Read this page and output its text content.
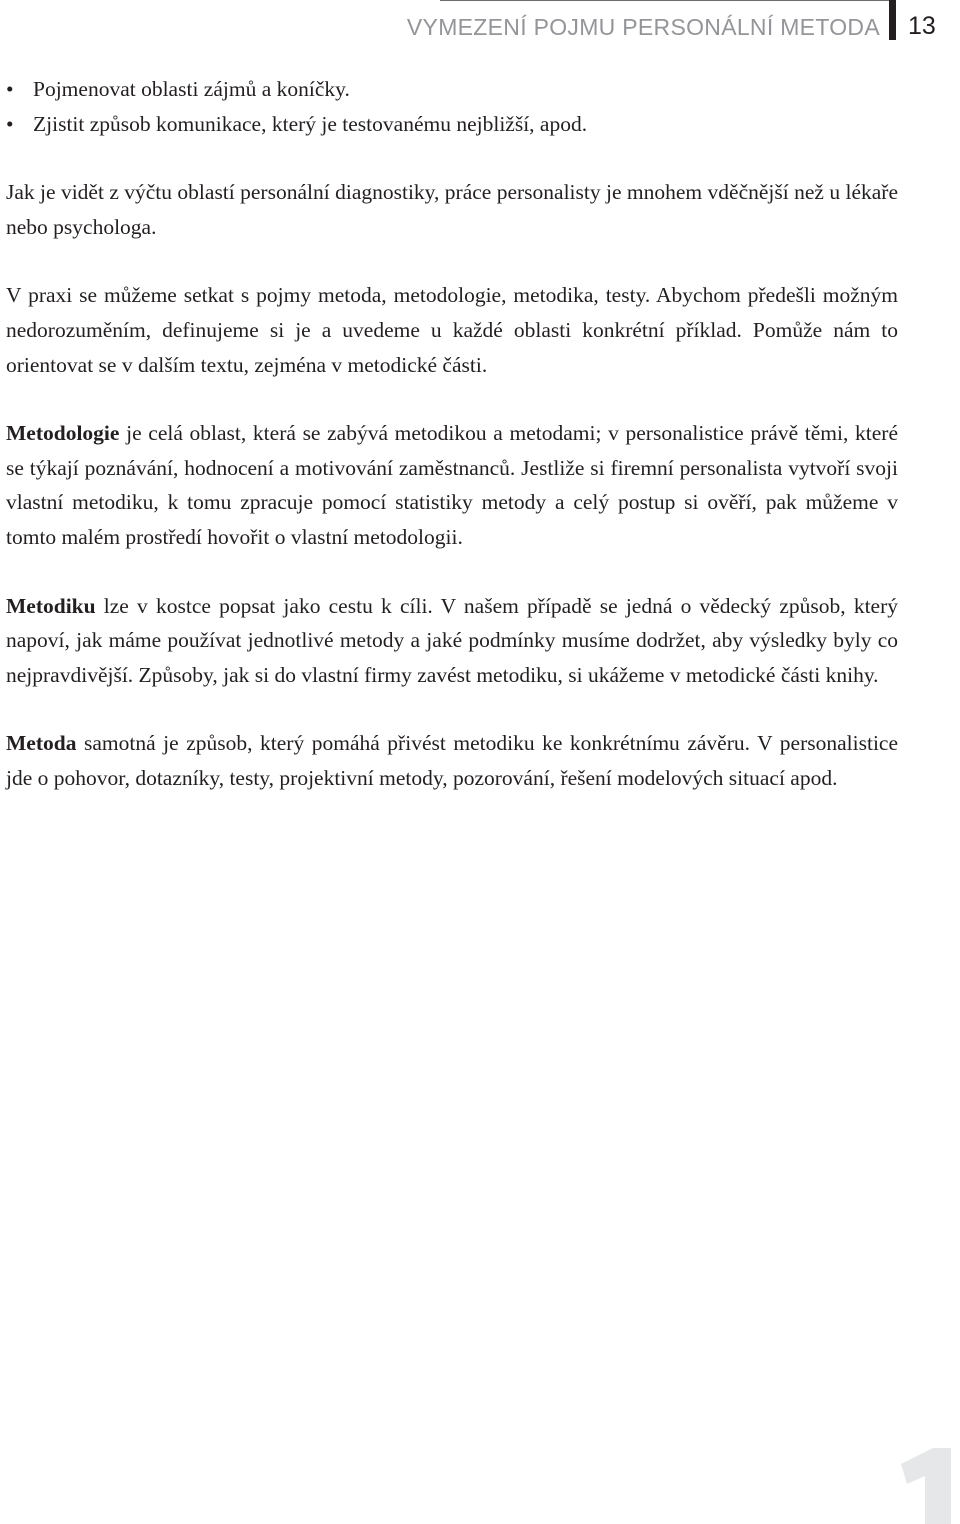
VYMEZENÍ POJMU PERSONÁLNÍ METODA 13
• Pojmenovat oblasti zájmů a koníčky.
• Zjistit způsob komunikace, který je testovanému nejbližší, apod.

Jak je vidět z výčtu oblastí personální diagnostiky, práce personalisty je mnohem vděčnější než u lékaře nebo psychologa.

V praxi se můžeme setkat s pojmy metoda, metodologie, metodika, testy. Abychom předešli možným nedorozuměním, definujeme si je a uvedeme u každé oblasti konkrétní příklad. Pomůže nám to orientovat se v dalším textu, zejména v metodické části.

Metodologie je celá oblast, která se zabývá metodikou a metodami; v personalistice právě těmi, které se týkají poznávání, hodnocení a motivování zaměstnanců. Jestliže si firemní personalista vytvoří svoji vlastní metodiku, k tomu zpracuje pomocí statistiky metody a celý postup si ověří, pak můžeme v tomto malém prostředí hovořit o vlastní metodologii.

Metodiku lze v kostce popsat jako cestu k cíli. V našem případě se jedná o vědecký způsob, který napoví, jak máme používat jednotlivé metody a jaké podmínky musíme dodržet, aby výsledky byly co nejpravdivější. Způsoby, jak si do vlastní firmy zavést metodiku, si ukážeme v metodické části knihy.

Metoda samotná je způsob, který pomáhá přivést metodiku ke konkrétnímu závěru. V personalistice jde o pohovor, dotazníky, testy, projektivní metody, pozorování, řešení modelových situací apod.
